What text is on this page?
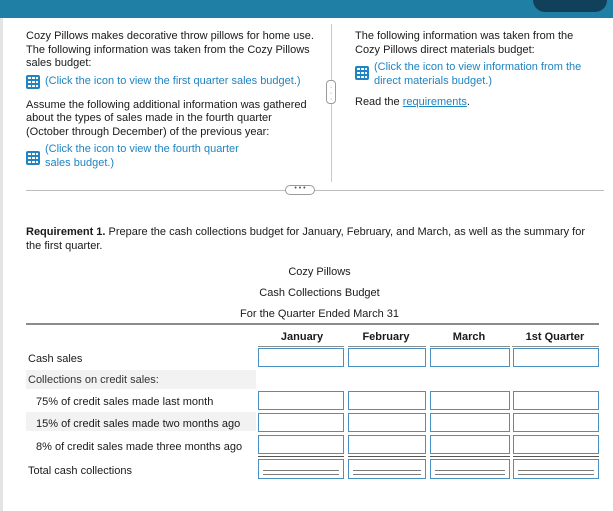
Cozy Pillows makes decorative throw pillows for home use. The following information was taken from the Cozy Pillows sales budget:
(Click the icon to view the first quarter sales budget.)
Assume the following additional information was gathered about the types of sales made in the fourth quarter (October through December) of the previous year:
(Click the icon to view the fourth quarter sales budget.)
·
·
·
The following information was taken from the Cozy Pillows direct materials budget:
(Click the icon to view information from the direct materials budget.)
Read the requirements.
• • •
Requirement 1. Prepare the cash collections budget for January, February, and March, as well as the summary for the first quarter.
Cozy Pillows
Cash Collections Budget
For the Quarter Ended March 31
January	February	March	1st Quarter
Cash sales
Collections on credit sales:
75% of credit sales made last month
15% of credit sales made two months ago
8% of credit sales made three months ago
Total cash collections
